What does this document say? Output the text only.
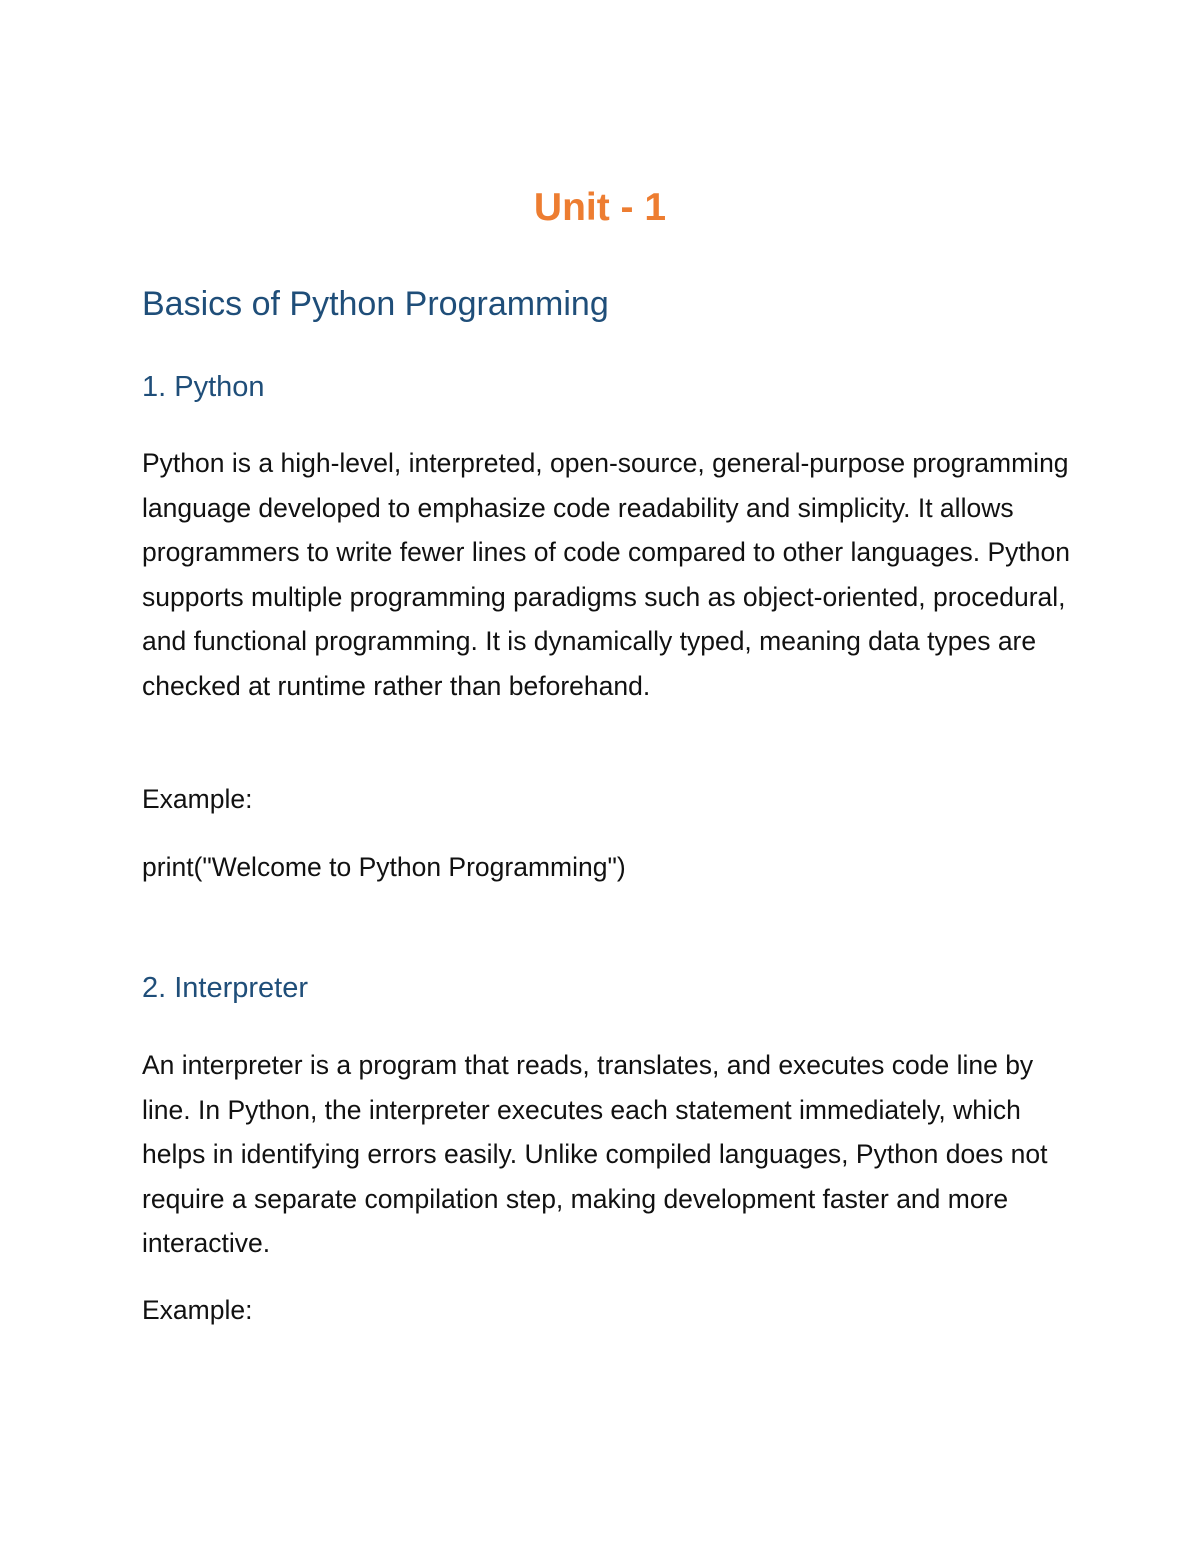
Unit - 1
Basics of Python Programming
1. Python

Python is a high-level, interpreted, open-source, general-purpose programming language developed to emphasize code readability and simplicity. It allows programmers to write fewer lines of code compared to other languages. Python supports multiple programming paradigms such as object-oriented, procedural, and functional programming. It is dynamically typed, meaning data types are checked at runtime rather than beforehand.

Example:

print("Welcome to Python Programming")

2. Interpreter

An interpreter is a program that reads, translates, and executes code line by line. In Python, the interpreter executes each statement immediately, which helps in identifying errors easily. Unlike compiled languages, Python does not require a separate compilation step, making development faster and more interactive.

Example:
